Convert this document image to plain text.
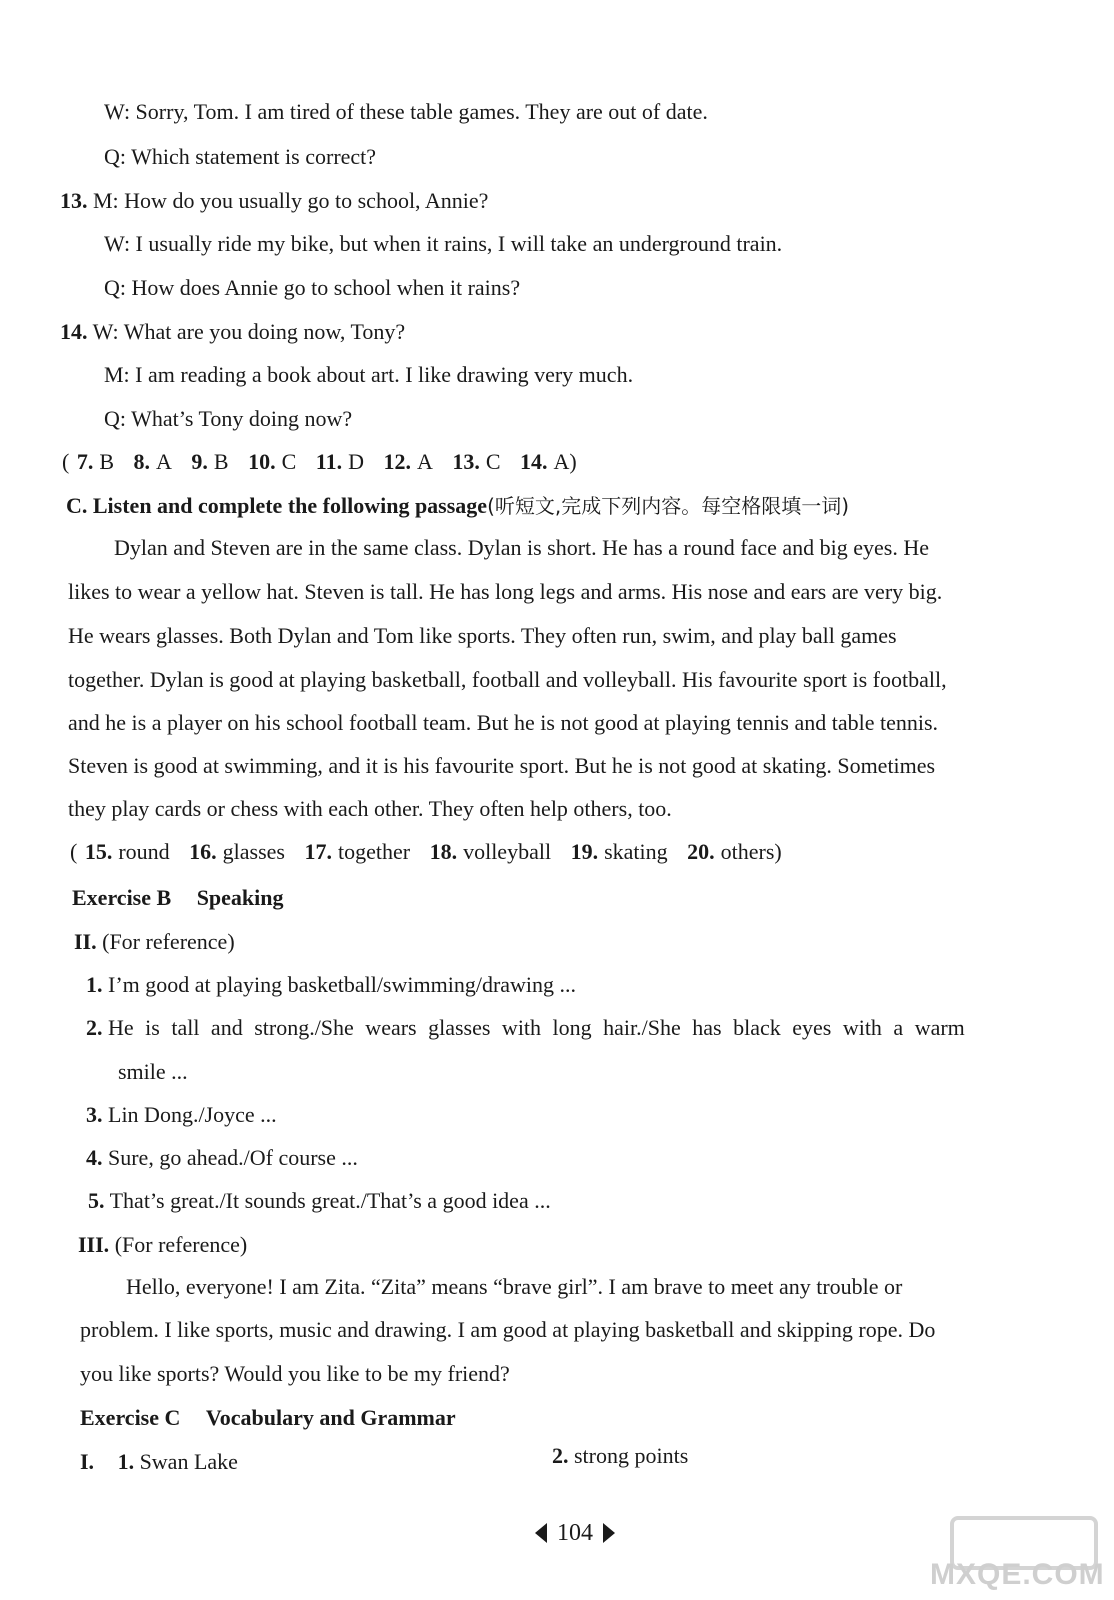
W: Sorry, Tom. I am tired of these table games. They are out of date.
Q: Which statement is correct?
13. M: How do you usually go to school, Annie?
W: I usually ride my bike, but when it rains, I will take an underground train.
Q: How does Annie go to school when it rains?
14. W: What are you doing now, Tony?
M: I am reading a book about art. I like drawing very much.
Q: What’s Tony doing now?
( 7. B 8. A 9. B 10. C 11. D 12. A 13. C 14. A)
C. Listen and complete the following passage(听短文,完成下列内容。每空格限填一词)
Dylan and Steven are in the same class. Dylan is short. He has a round face and big eyes. He
likes to wear a yellow hat. Steven is tall. He has long legs and arms. His nose and ears are very big.
He wears glasses. Both Dylan and Tom like sports. They often run, swim, and play ball games
together. Dylan is good at playing basketball, football and volleyball. His favourite sport is football,
and he is a player on his school football team. But he is not good at playing tennis and table tennis.
Steven is good at swimming, and it is his favourite sport. But he is not good at skating. Sometimes
they play cards or chess with each other. They often help others, too.
( 15. round 16. glasses 17. together 18. volleyball 19. skating 20. others)
Exercise B Speaking
II. (For reference)
1. I’m good at playing basketball/swimming/drawing ...
2. He is tall and strong./She wears glasses with long hair./She has black eyes with a warm
smile ...
3. Lin Dong./Joyce ...
4. Sure, go ahead./Of course ...
5. That’s great./It sounds great./That’s a good idea ...
III. (For reference)
Hello, everyone! I am Zita. “Zita” means “brave girl”. I am brave to meet any trouble or
problem. I like sports, music and drawing. I am good at playing basketball and skipping rope. Do
you like sports? Would you like to be my friend?
Exercise C Vocabulary and Grammar
I. 1. Swan Lake	2. strong points
104
MXQE.COM
